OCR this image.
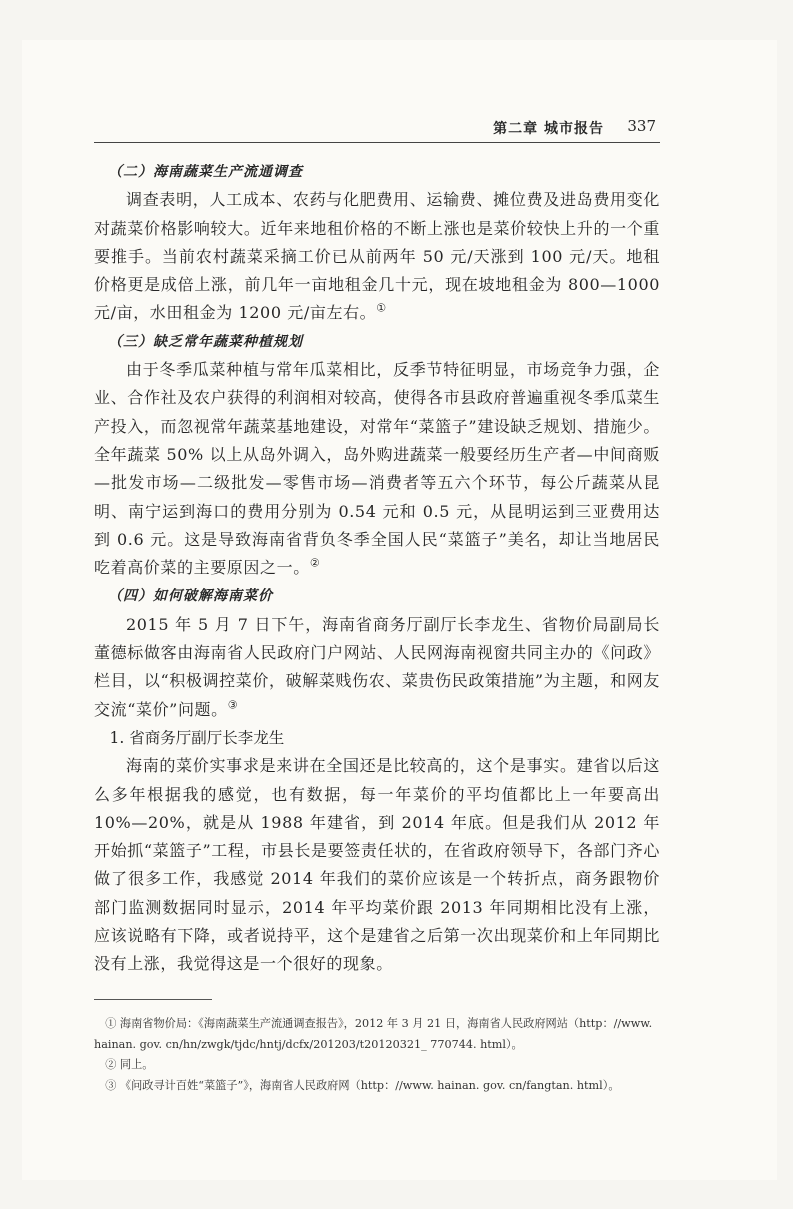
第二章 城市报告 337
（二）海南蔬菜生产流通调查

调查表明，人工成本、农药与化肥费用、运输费、摊位费及进岛费用变化对蔬菜价格影响较大。近年来地租价格的不断上涨也是菜价较快上升的一个重要推手。当前农村蔬菜采摘工价已从前两年 50 元/天涨到 100 元/天。地租价格更是成倍上涨，前几年一亩地租金几十元，现在坡地租金为 800—1000 元/亩，水田租金为 1200 元/亩左右。①

（三）缺乏常年蔬菜种植规划

由于冬季瓜菜种植与常年瓜菜相比，反季节特征明显，市场竞争力强，企业、合作社及农户获得的利润相对较高，使得各市县政府普遍重视冬季瓜菜生产投入，而忽视常年蔬菜基地建设，对常年“菜篮子”建设缺乏规划、措施少。全年蔬菜 50% 以上从岛外调入，岛外购进蔬菜一般要经历生产者—中间商贩—批发市场—二级批发—零售市场—消费者等五六个环节，每公斤蔬菜从昆明、南宁运到海口的费用分别为 0.54 元和 0.5 元，从昆明运到三亚费用达到 0.6 元。这是导致海南省背负冬季全国人民“菜篮子”美名，却让当地居民吃着高价菜的主要原因之一。②

（四）如何破解海南菜价

2015 年 5 月 7 日下午，海南省商务厅副厅长李龙生、省物价局副局长董德标做客由海南省人民政府门户网站、人民网海南视窗共同主办的《问政》栏目，以“积极调控菜价，破解菜贱伤农、菜贵伤民政策措施”为主题，和网友交流“菜价”问题。③

1. 省商务厅副厅长李龙生

海南的菜价实事求是来讲在全国还是比较高的，这个是事实。建省以后这么多年根据我的感觉，也有数据，每一年菜价的平均值都比上一年要高出 10%—20%，就是从 1988 年建省，到 2014 年底。但是我们从 2012 年开始抓“菜篮子”工程，市县长是要签责任状的，在省政府领导下，各部门齐心做了很多工作，我感觉 2014 年我们的菜价应该是一个转折点，商务跟物价部门监测数据同时显示，2014 年平均菜价跟 2013 年同期相比没有上涨，应该说略有下降，或者说持平，这个是建省之后第一次出现菜价和上年同期比没有上涨，我觉得这是一个很好的现象。

① 海南省物价局：《海南蔬菜生产流通调查报告》，2012 年 3 月 21 日，海南省人民政府网站（http：//www. hainan. gov. cn/hn/zwgk/tjdc/hntj/dcfx/201203/t20120321_ 770744. html）。

② 同上。

③ 《问政寻计百姓“菜篮子”》，海南省人民政府网（http：//www. hainan. gov. cn/fangtan. html）。
